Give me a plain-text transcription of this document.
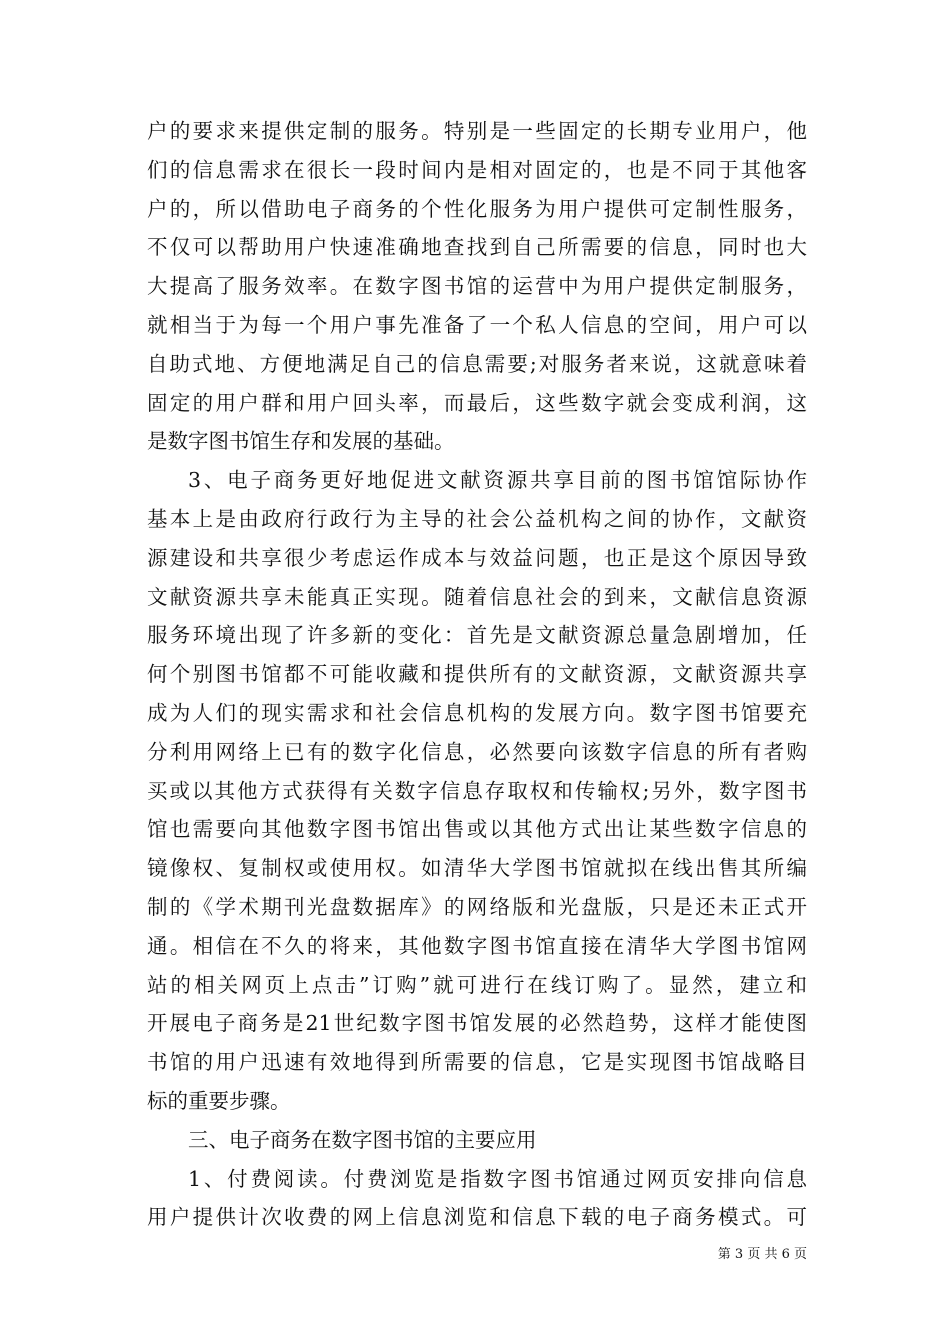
户的要求来提供定制的服务。特别是一些固定的长期专业用户，他
们的信息需求在很长一段时间内是相对固定的，也是不同于其他客
户的，所以借助电子商务的个性化服务为用户提供可定制性服务，
不仅可以帮助用户快速准确地查找到自己所需要的信息，同时也大
大提高了服务效率。在数字图书馆的运营中为用户提供定制服务，
就相当于为每一个用户事先准备了一个私人信息的空间，用户可以
自助式地、方便地满足自己的信息需要;对服务者来说，这就意味着
固定的用户群和用户回头率，而最后，这些数字就会变成利润，这
是数字图书馆生存和发展的基础。
3、电子商务更好地促进文献资源共享目前的图书馆馆际协作
基本上是由政府行政行为主导的社会公益机构之间的协作，文献资
源建设和共享很少考虑运作成本与效益问题，也正是这个原因导致
文献资源共享未能真正实现。随着信息社会的到来，文献信息资源
服务环境出现了许多新的变化：首先是文献资源总量急剧增加，任
何个别图书馆都不可能收藏和提供所有的文献资源，文献资源共享
成为人们的现实需求和社会信息机构的发展方向。数字图书馆要充
分利用网络上已有的数字化信息，必然要向该数字信息的所有者购
买或以其他方式获得有关数字信息存取权和传输权;另外，数字图书
馆也需要向其他数字图书馆出售或以其他方式出让某些数字信息的
镜像权、复制权或使用权。如清华大学图书馆就拟在线出售其所编
制的《学术期刊光盘数据库》的网络版和光盘版，只是还未正式开
通。相信在不久的将来，其他数字图书馆直接在清华大学图书馆网
站的相关网页上点击”订购”就可进行在线订购了。显然，建立和
开展电子商务是21世纪数字图书馆发展的必然趋势，这样才能使图
书馆的用户迅速有效地得到所需要的信息，它是实现图书馆战略目
标的重要步骤。
三、电子商务在数字图书馆的主要应用
1、付费阅读。付费浏览是指数字图书馆通过网页安排向信息
用户提供计次收费的网上信息浏览和信息下载的电子商务模式。可
第 3 页 共 6 页
